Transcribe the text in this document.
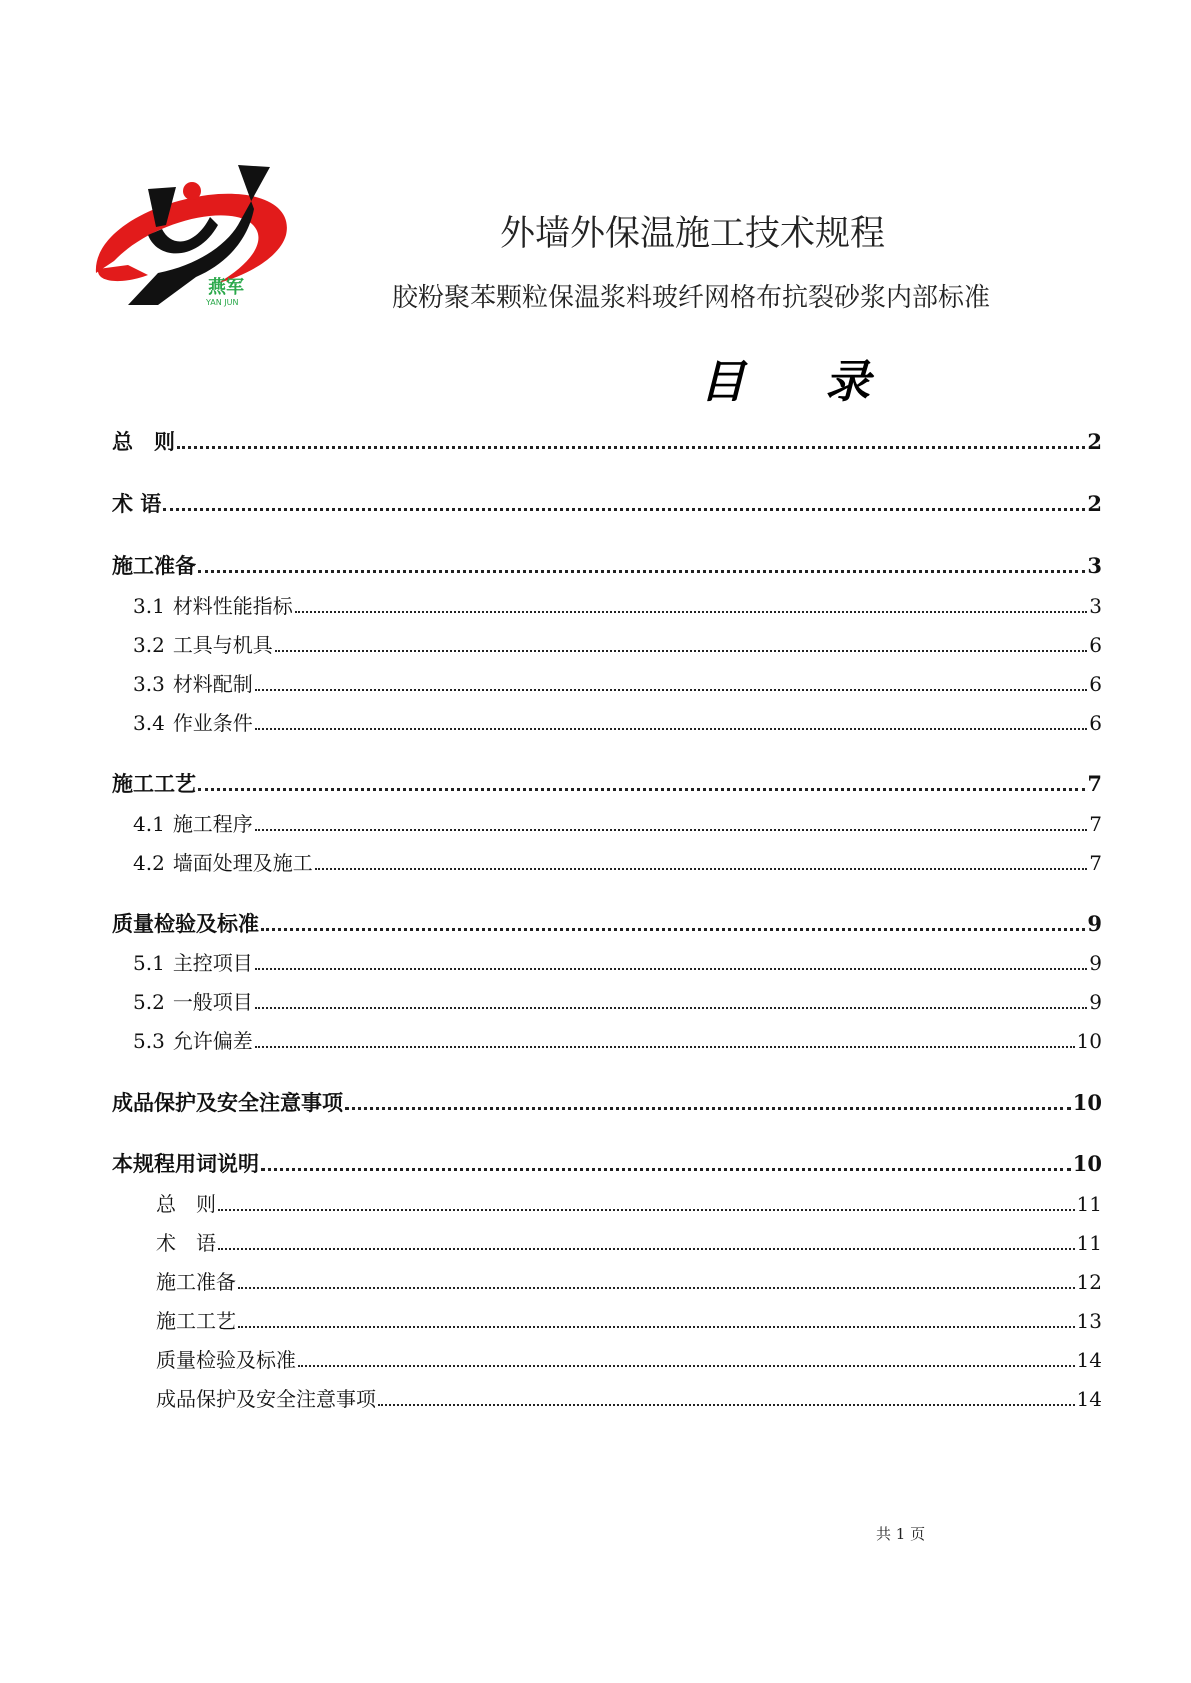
燕军
YAN JUN
外墙外保温施工技术规程
胶粉聚苯颗粒保温浆料玻纤网格布抗裂砂浆内部标准
目录
总　则	2
术 语	2
施工准备	3
3.1 材料性能指标	3
3.2 工具与机具	6
3.3 材料配制	6
3.4 作业条件	6
施工工艺	7
4.1 施工程序	7
4.2 墙面处理及施工	7
质量检验及标准	9
5.1 主控项目	9
5.2 一般项目	9
5.3 允许偏差	10
成品保护及安全注意事项	10
本规程用词说明	10
总　则	11
术　语	11
施工准备	12
施工工艺	13
质量检验及标准	14
成品保护及安全注意事项	14
共 1 页
